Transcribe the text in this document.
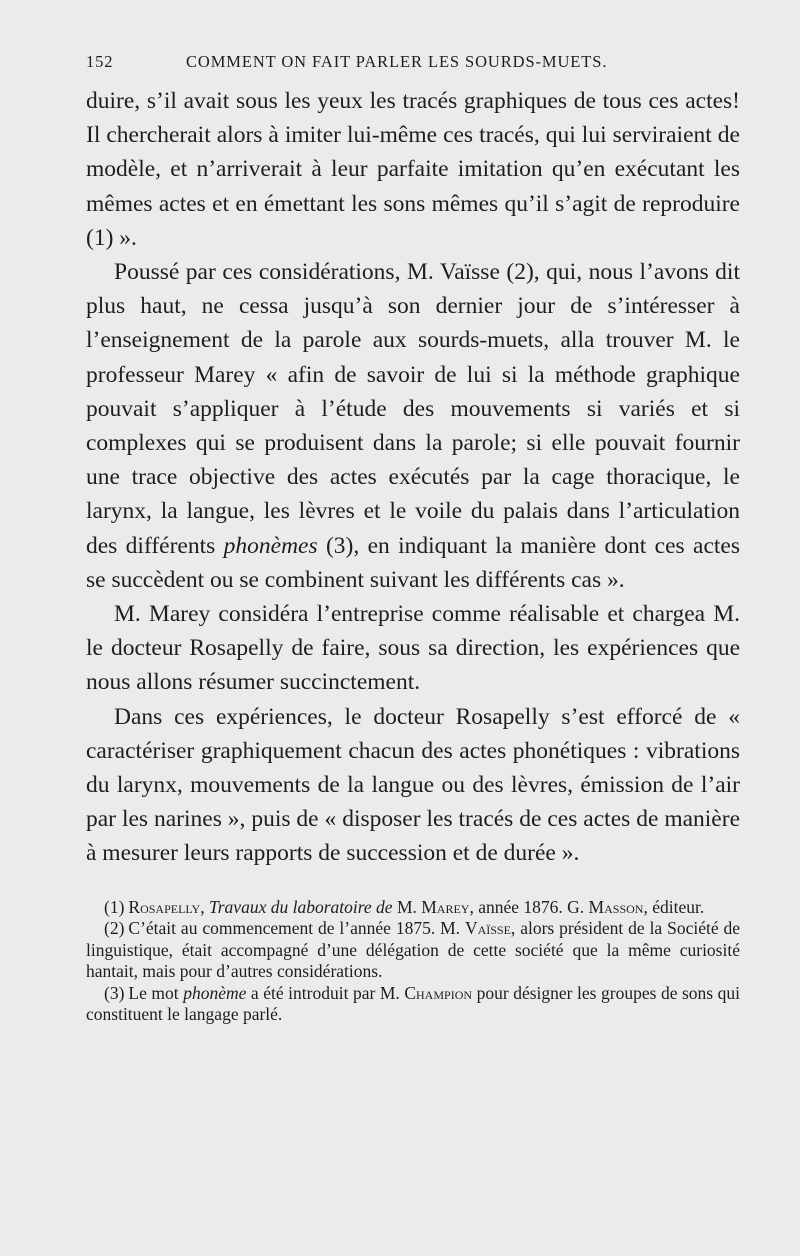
152	COMMENT ON FAIT PARLER LES SOURDS-MUETS.

duire, s’il avait sous les yeux les tracés graphiques de tous ces actes! Il chercherait alors à imiter lui-même ces tracés, qui lui serviraient de modèle, et n’arriverait à leur parfaite imitation qu’en exécutant les mêmes actes et en émettant les sons mêmes qu’il s’agit de reproduire (1) ».

Poussé par ces considérations, M. Vaïsse (2), qui, nous l’avons dit plus haut, ne cessa jusqu’à son dernier jour de s’intéresser à l’enseignement de la parole aux sourds-muets, alla trouver M. le professeur Marey « afin de savoir de lui si la méthode graphique pouvait s’appliquer à l’étude des mouvements si variés et si complexes qui se produisent dans la parole; si elle pouvait fournir une trace objective des actes exécutés par la cage thoracique, le larynx, la langue, les lèvres et le voile du palais dans l’articulation des différents phonèmes (3), en indiquant la manière dont ces actes se succèdent ou se combinent suivant les différents cas ».

M. Marey considéra l’entreprise comme réalisable et chargea M. le docteur Rosapelly de faire, sous sa direction, les expériences que nous allons résumer succinctement.

Dans ces expériences, le docteur Rosapelly s’est efforcé de « caractériser graphiquement chacun des actes phonétiques : vibrations du larynx, mouvements de la langue ou des lèvres, émission de l’air par les narines », puis de « disposer les tracés de ces actes de manière à mesurer leurs rapports de succession et de durée ».

(1) Rosapelly, Travaux du laboratoire de M. Marey, année 1876. G. Masson, éditeur.

(2) C’était au commencement de l’année 1875. M. Vaïsse, alors président de la Société de linguistique, était accompagné d’une délégation de cette société que la même curiosité hantait, mais pour d’autres considérations.

(3) Le mot phonème a été introduit par M. Champion pour désigner les groupes de sons qui constituent le langage parlé.
